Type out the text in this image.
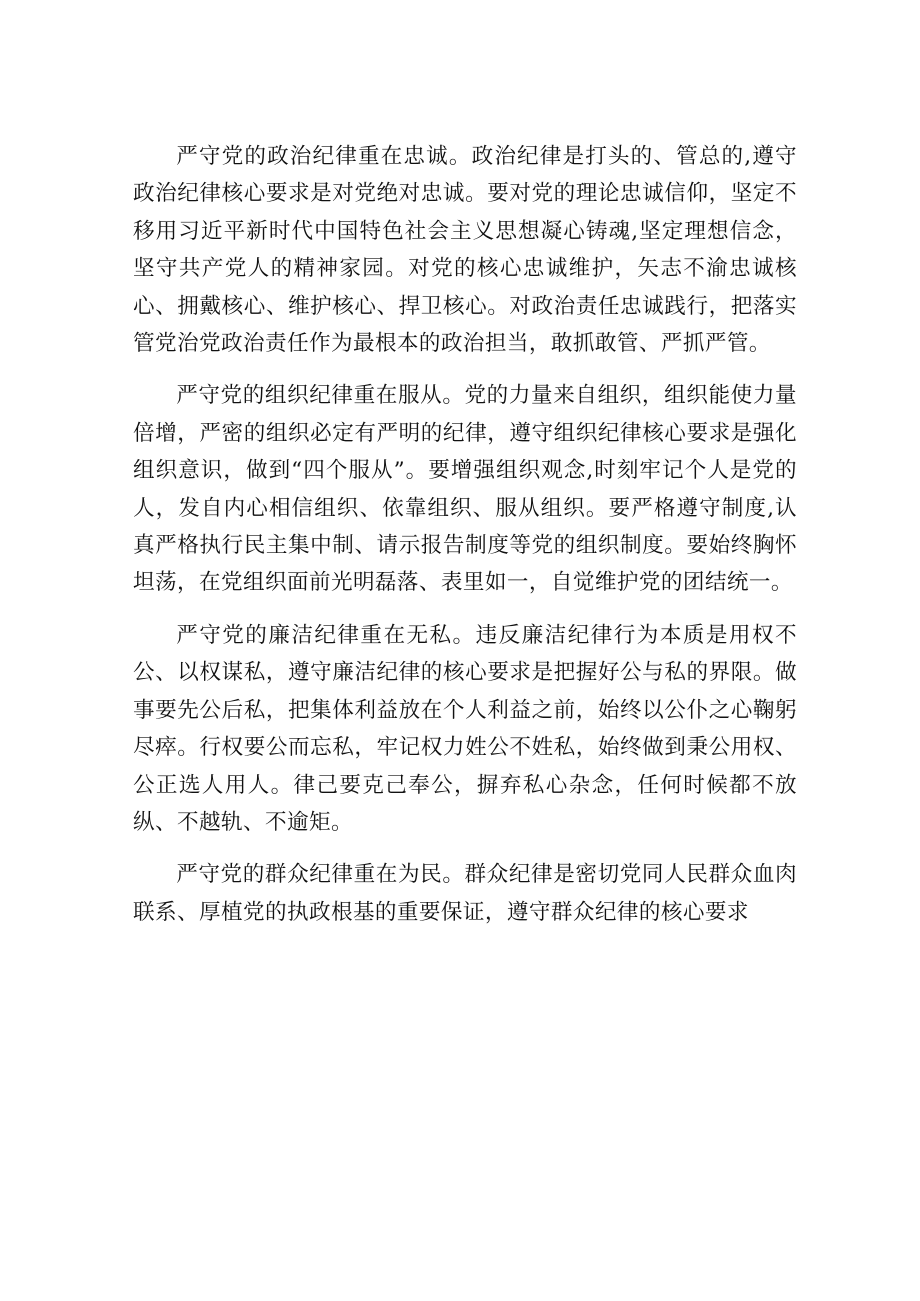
严守党的政治纪律重在忠诚。政治纪律是打头的、管总的,遵守政治纪律核心要求是对党绝对忠诚。要对党的理论忠诚信仰，坚定不移用习近平新时代中国特色社会主义思想凝心铸魂,坚定理想信念，坚守共产党人的精神家园。对党的核心忠诚维护，矢志不渝忠诚核心、拥戴核心、维护核心、捍卫核心。对政治责任忠诚践行，把落实管党治党政治责任作为最根本的政治担当，敢抓敢管、严抓严管。

严守党的组织纪律重在服从。党的力量来自组织，组织能使力量倍增，严密的组织必定有严明的纪律，遵守组织纪律核心要求是强化组织意识，做到“四个服从”。要增强组织观念,时刻牢记个人是党的人，发自内心相信组织、依靠组织、服从组织。要严格遵守制度,认真严格执行民主集中制、请示报告制度等党的组织制度。要始终胸怀坦荡，在党组织面前光明磊落、表里如一，自觉维护党的团结统一。

严守党的廉洁纪律重在无私。违反廉洁纪律行为本质是用权不公、以权谋私，遵守廉洁纪律的核心要求是把握好公与私的界限。做事要先公后私，把集体利益放在个人利益之前，始终以公仆之心鞠躬尽瘁。行权要公而忘私，牢记权力姓公不姓私，始终做到秉公用权、公正选人用人。律己要克己奉公，摒弃私心杂念，任何时候都不放纵、不越轨、不逾矩。

严守党的群众纪律重在为民。群众纪律是密切党同人民群众血肉联系、厚植党的执政根基的重要保证，遵守群众纪律的核心要求
